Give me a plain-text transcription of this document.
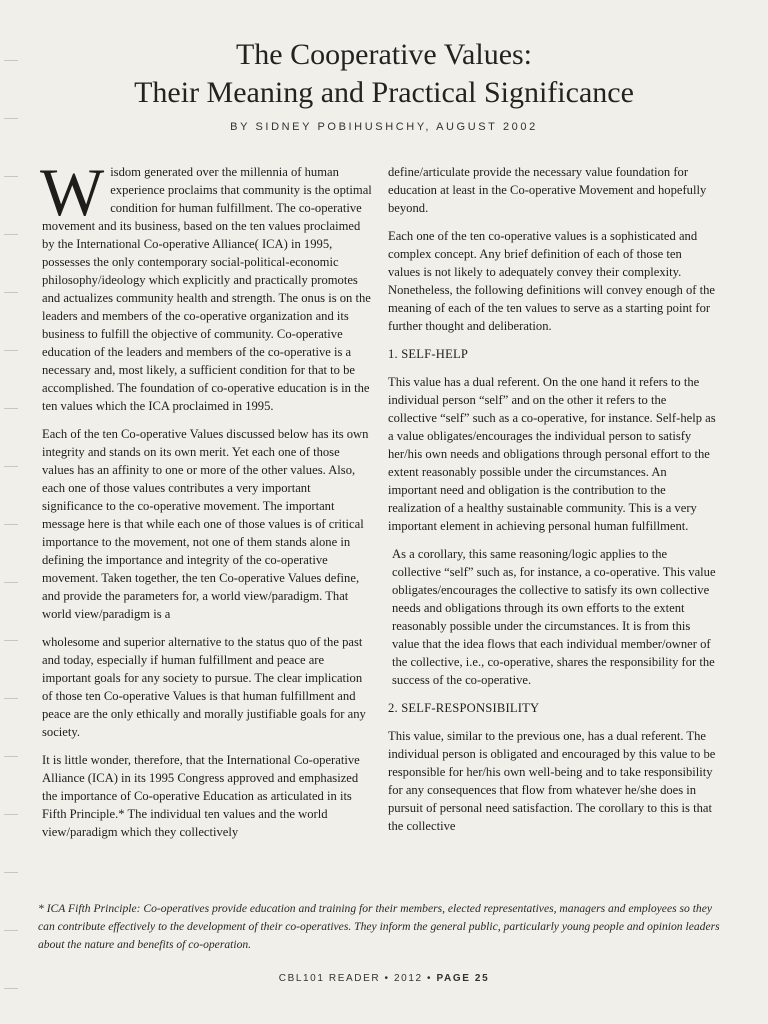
The Cooperative Values:
Their Meaning and Practical Significance
BY SIDNEY POBIHUSHCHY, AUGUST 2002

Wisdom generated over the millennia of human experience proclaims that community is the optimal condition for human fulfillment. The co-operative movement and its business, based on the ten values proclaimed by the International Co-operative Alliance( ICA) in 1995, possesses the only contemporary social-political-economic philosophy/ideology which explicitly and practically promotes and actualizes community health and strength. The onus is on the leaders and members of the co-operative organization and its business to fulfill the objective of community. Co-operative education of the leaders and members of the co-operative is a necessary and, most likely, a sufficient condition for that to be accomplished. The foundation of co-operative education is in the ten values which the ICA proclaimed in 1995.

Each of the ten Co-operative Values discussed below has its own integrity and stands on its own merit. Yet each one of those values has an affinity to one or more of the other values. Also, each one of those values contributes a very important significance to the co-operative movement. The important message here is that while each one of those values is of critical importance to the movement, not one of them stands alone in defining the importance and integrity of the co-operative movement. Taken together, the ten Co-operative Values define, and provide the parameters for, a world view/paradigm. That world view/paradigm is a

wholesome and superior alternative to the status quo of the past and today, especially if human fulfillment and peace are important goals for any society to pursue. The clear implication of those ten Co-operative Values is that human fulfillment and peace are the only ethically and morally justifiable goals for any society.

It is little wonder, therefore, that the International Co-operative Alliance (ICA) in its 1995 Congress approved and emphasized the importance of Co-operative Education as articulated in its Fifth Principle.* The individual ten values and the world view/paradigm which they collectively

define/articulate provide the necessary value foundation for education at least in the Co-operative Movement and hopefully beyond.

Each one of the ten co-operative values is a sophisticated and complex concept. Any brief definition of each of those ten values is not likely to adequately convey their complexity. Nonetheless, the following definitions will convey enough of the meaning of each of the ten values to serve as a starting point for further thought and deliberation.

1. SELF-HELP

This value has a dual referent. On the one hand it refers to the individual person “self” and on the other it refers to the collective “self” such as a co-operative, for instance. Self-help as a value obligates/encourages the individual person to satisfy her/his own needs and obligations through personal effort to the extent reasonably possible under the circumstances. An important need and obligation is the contribution to the realization of a healthy sustainable community. This is a very important element in achieving personal human fulfillment.

As a corollary, this same reasoning/logic applies to the collective “self” such as, for instance, a co-operative. This value obligates/encourages the collective to satisfy its own collective needs and obligations through its own efforts to the extent reasonably possible under the circumstances. It is from this value that the idea flows that each individual member/owner of the collective, i.e., co-operative, shares the responsibility for the success of the co-operative.

2. SELF-RESPONSIBILITY

This value, similar to the previous one, has a dual referent. The individual person is obligated and encouraged by this value to be responsible for her/his own well-being and to take responsibility for any consequences that flow from whatever he/she does in pursuit of personal need satisfaction. The corollary to this is that the collective

* ICA Fifth Principle: Co-operatives provide education and training for their members, elected representatives, managers and employees so they can contribute effectively to the development of their co-operatives. They inform the general public, particularly young people and opinion leaders about the nature and benefits of co-operation.
CBL101 READER • 2012 • PAGE 25
